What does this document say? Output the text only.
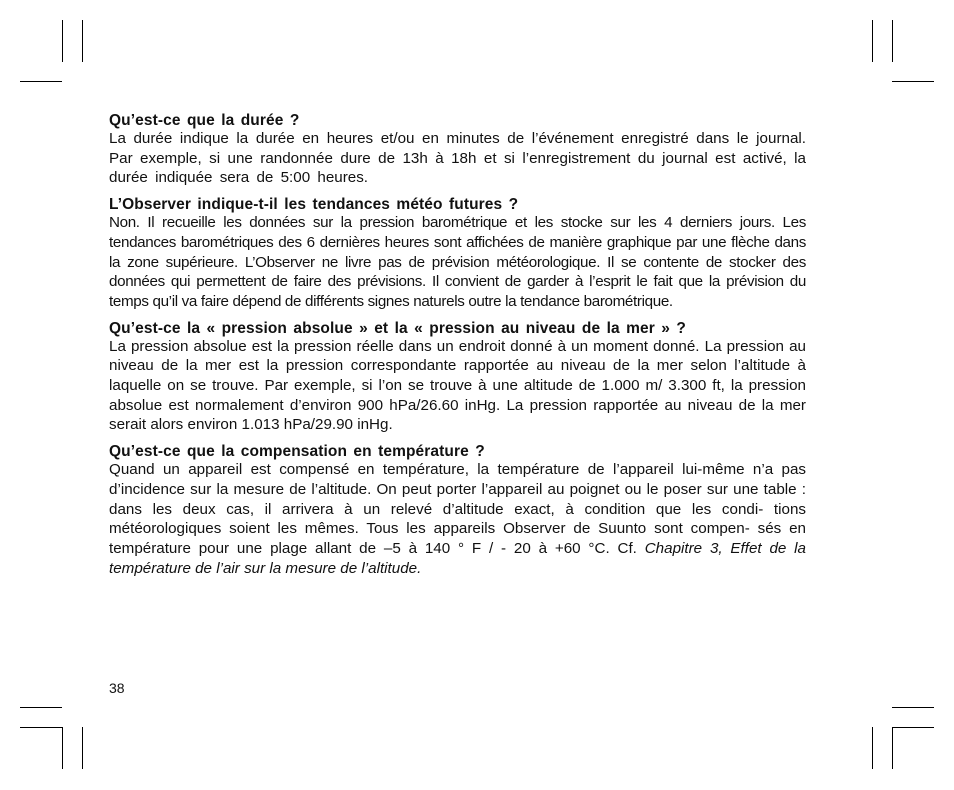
Qu’est-ce que la durée ?

La durée indique la durée en heures et/ou en minutes de l’événement enregistré dans le journal. Par exemple, si une randonnée dure de 13h à 18h et si l’enregistrement du journal est activé, la durée indiquée sera de 5:00 heures.

L’Observer indique-t-il les tendances météo futures ?

Non. Il recueille les données sur la pression barométrique et les stocke sur les 4 derniers jours. Les tendances barométriques des 6 dernières heures sont affichées de manière graphique par une flèche dans la zone supérieure. L’Observer ne livre pas de prévision météorologique. Il se contente de stocker des données qui permettent de faire des prévisions. Il convient de garder à l’esprit le fait que la prévision du temps qu’il va faire dépend de différents signes naturels outre la tendance barométrique.

Qu’est-ce la « pression absolue » et la « pression au niveau de la mer » ?

La pression absolue est la pression réelle dans un endroit donné à un moment donné. La pression au niveau de la mer est la pression correspondante rapportée au niveau de la mer selon l’altitude à laquelle on se trouve. Par exemple, si l’on se trouve à une altitude de 1.000 m/ 3.300 ft, la pression absolue est normalement d’environ 900 hPa/26.60 inHg. La pression rapportée au niveau de la mer serait alors environ 1.013 hPa/29.90 inHg.

Qu’est-ce que la compensation en température ?

Quand un appareil est compensé en température, la température de l’appareil lui-même n’a pas d’incidence sur la mesure de l’altitude. On peut porter l’appareil au poignet ou le poser sur une table : dans les deux cas, il arrivera à un relevé d’altitude exact, à condition que les condi- tions météorologiques soient les mêmes. Tous les appareils Observer de Suunto sont compen- sés en température pour une plage allant de –5 à 140 ° F / - 20 à +60 °C. Cf. Chapitre 3, Effet de la température de l’air sur la mesure de l’altitude.

38
